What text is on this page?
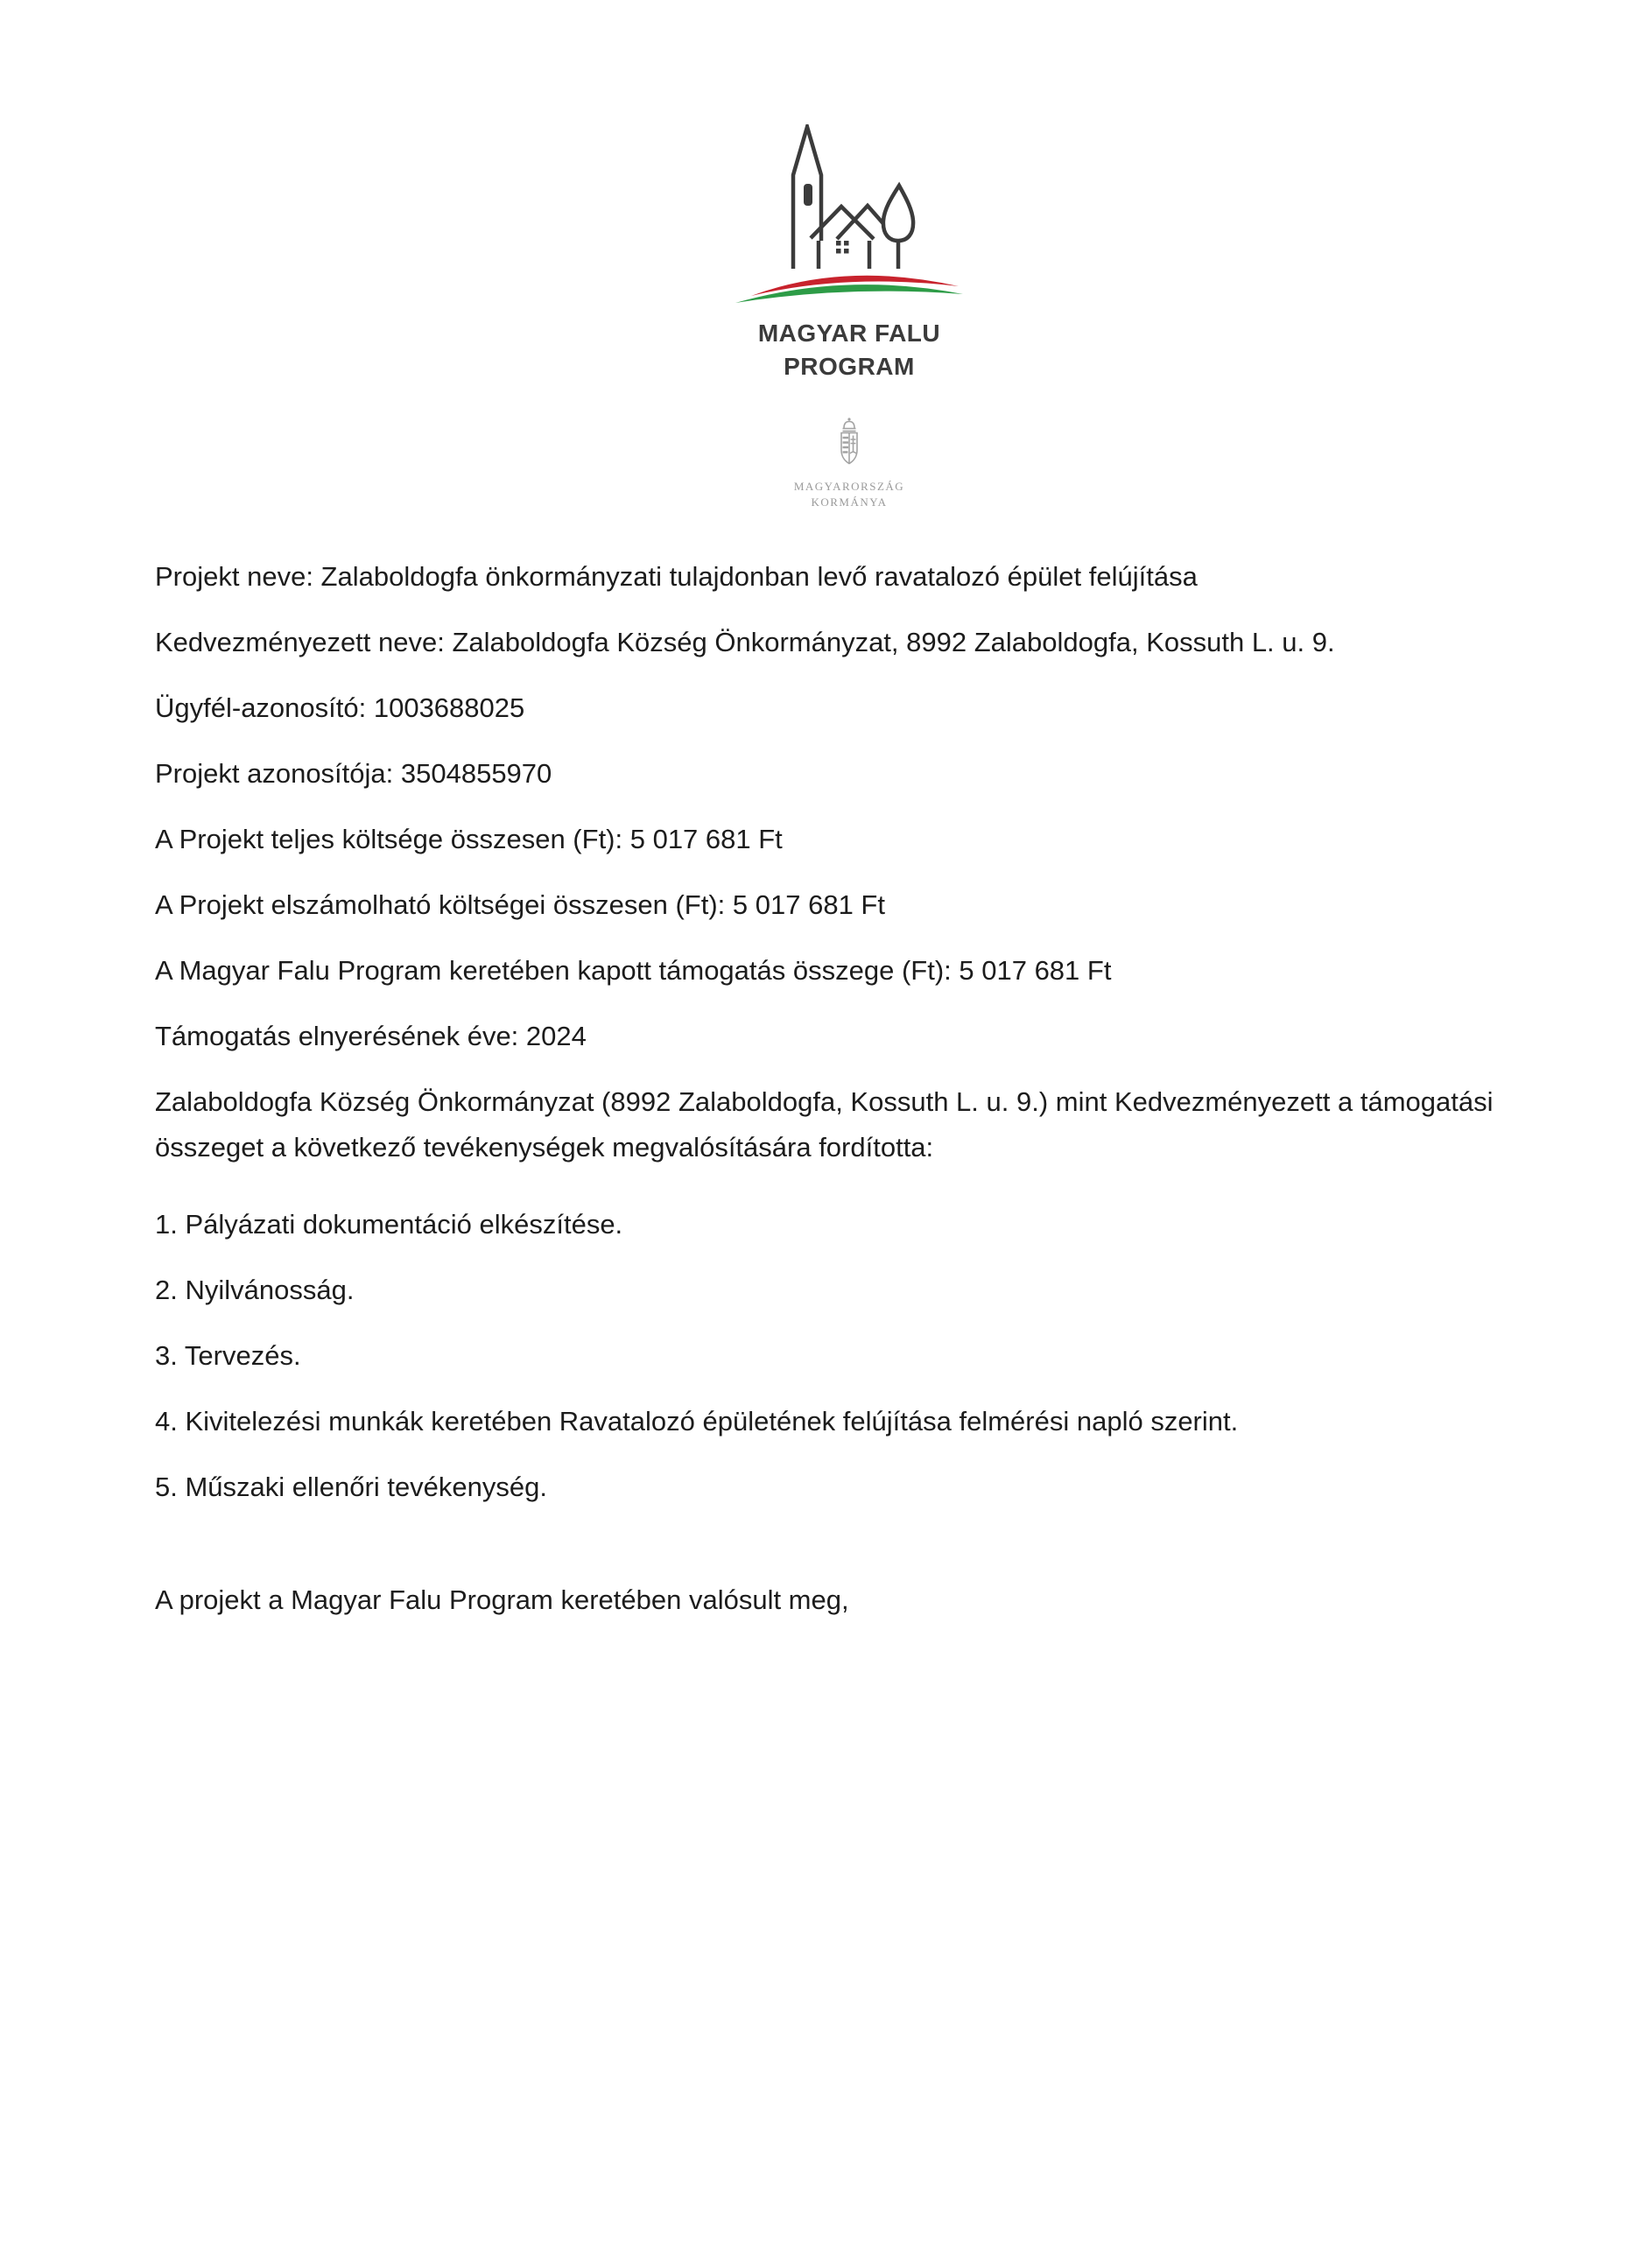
MAGYAR FALU
PROGRAM
MAGYARORSZÁG
KORMÁNYA

Projekt neve: Zalaboldogfa önkormányzati tulajdonban levő ravatalozó épület felújítása

Kedvezményezett neve: Zalaboldogfa Község Önkormányzat, 8992 Zalaboldogfa, Kossuth L. u. 9.

Ügyfél-azonosító: 1003688025

Projekt azonosítója: 3504855970

A Projekt teljes költsége összesen (Ft): 5 017 681 Ft

A Projekt elszámolható költségei összesen (Ft): 5 017 681 Ft

A Magyar Falu Program keretében kapott támogatás összege (Ft): 5 017 681 Ft

Támogatás elnyerésének éve: 2024

Zalaboldogfa Község Önkormányzat (8992 Zalaboldogfa, Kossuth L. u. 9.) mint Kedvezményezett a támogatási összeget a következő tevékenységek megvalósítására fordította:

1. Pályázati dokumentáció elkészítése.

2. Nyilvánosság.

3. Tervezés.

4. Kivitelezési munkák keretében Ravatalozó épületének felújítása felmérési napló szerint.

5. Műszaki ellenőri tevékenység.

A projekt a Magyar Falu Program keretében valósult meg,
